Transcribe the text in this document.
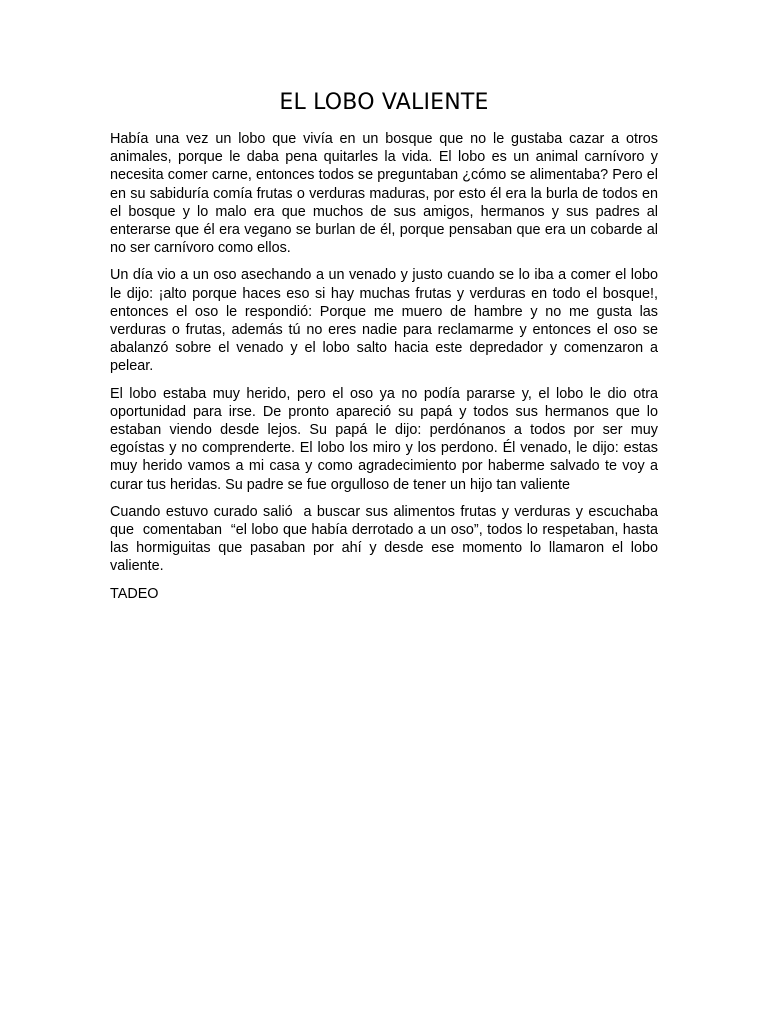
EL LOBO VALIENTE

Había una vez un lobo que vivía en un bosque que no le gustaba cazar a otros animales, porque le daba pena quitarles la vida. El lobo es un animal carnívoro y necesita comer carne, entonces todos se preguntaban ¿cómo se alimentaba? Pero el en su sabiduría comía frutas o verduras maduras, por esto él era la burla de todos en el bosque y lo malo era que muchos de sus amigos, hermanos y sus padres al enterarse que él era vegano se burlan de él, porque pensaban que era un cobarde al no ser carnívoro como ellos.

Un día vio a un oso asechando a un venado y justo cuando se lo iba a comer el lobo le dijo: ¡alto porque haces eso si hay muchas frutas y verduras en todo el bosque!, entonces el oso le respondió: Porque me muero de hambre y no me gusta las verduras o frutas, además tú no eres nadie para reclamarme y entonces el oso se abalanzó sobre el venado y el lobo salto hacia este depredador y comenzaron a pelear.

El lobo estaba muy herido, pero el oso ya no podía pararse y, el lobo le dio otra oportunidad para irse. De pronto apareció su papá y todos sus hermanos que lo estaban viendo desde lejos. Su papá le dijo: perdónanos a todos por ser muy egoístas y no comprenderte. El lobo los miro y los perdono. Él venado, le dijo: estas muy herido vamos a mi casa y como agradecimiento por haberme salvado te voy a curar tus heridas. Su padre se fue orgulloso de tener un hijo tan valiente

Cuando estuvo curado salió  a buscar sus alimentos frutas y verduras y escuchaba que  comentaban  “el lobo que había derrotado a un oso”, todos lo respetaban, hasta las hormiguitas que pasaban por ahí y desde ese momento lo llamaron el lobo valiente.

TADEO
